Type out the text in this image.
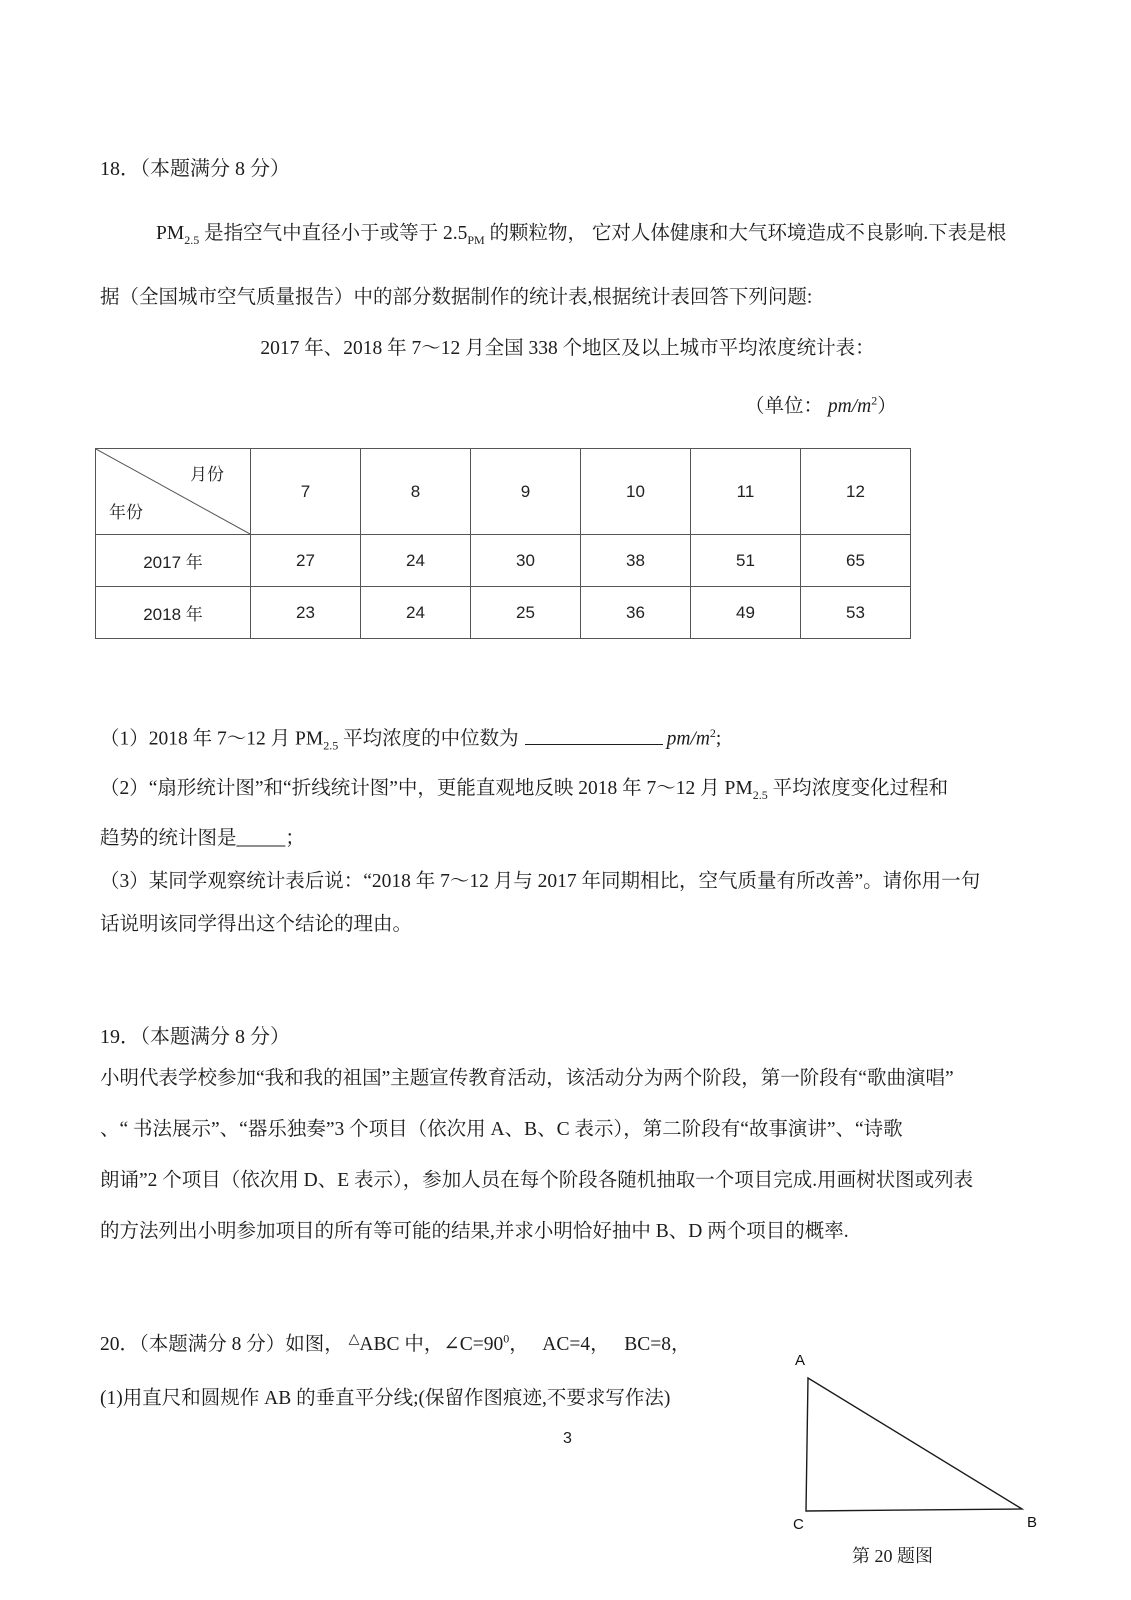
18．（本题满分 8 分）
$PM_{2.5}$ 是指空气中直径小于或等于 $2.5_{PM}$ 的颗粒物， 它对人体健康和大气环境造成不良影响.下表是根
据（全国城市空气质量报告）中的部分数据制作的统计表,根据统计表回答下列问题:
2017 年、2018 年 7～12 月全国 338 个地区及以上城市平均浓度统计表：
（单位： $pm/m^2$）
月份
年份	7	8	9	10	11	12
2017 年	27	24	30	38	51	65
2018 年	23	24	25	36	49	53
（1）2018 年 7～12 月 $PM_{2.5}$ 平均浓度的中位数为	$pm/m^2$;
（2）“扇形统计图”和“折线统计图”中，更能直观地反映 2018 年 7～12 月 $PM_{2.5}$ 平均浓度变化过程和
趋势的统计图是_____；
（3）某同学观察统计表后说：“2018 年 7～12 月与 2017 年同期相比，空气质量有所改善”。请你用一句
话说明该同学得出这个结论的理由。
19．（本题满分 8 分）
小明代表学校参加“我和我的祖国”主题宣传教育活动，该活动分为两个阶段，第一阶段有“歌曲演唱”
、“ 书法展示”、“器乐独奏”3 个项目（依次用 A、B、C 表示），第二阶段有“故事演讲”、“诗歌
朗诵”2 个项目（依次用 D、E 表示），参加人员在每个阶段各随机抽取一个项目完成.用画树状图或列表
的方法列出小明参加项目的所有等可能的结果,并求小明恰好抽中 B、D 两个项目的概率.
20．（本题满分 8 分）如图， △ABC 中，$\angle C=90^0$，　 AC=4，　 BC=8，
(1)用直尺和圆规作 AB 的垂直平分线;(保留作图痕迹,不要求写作法)
3
A
C	B
第 20 题图
